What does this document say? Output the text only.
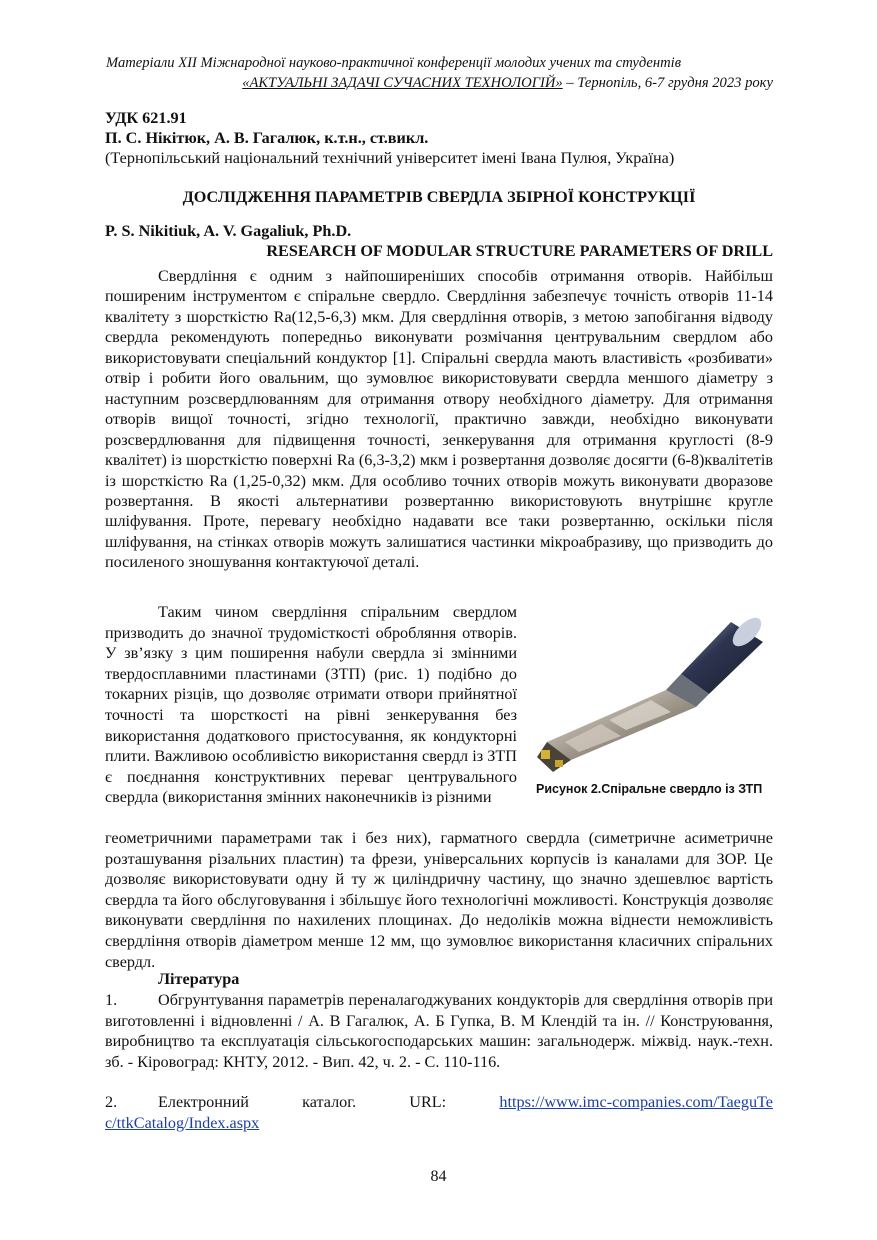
Матеріали XII Міжнародної науково-практичної конференції молодих учених та студентів
«АКТУАЛЬНІ ЗАДАЧІ СУЧАСНИХ ТЕХНОЛОГІЙ» – Тернопіль, 6-7 грудня 2023 року
УДК 621.91
П. С. Нікітюк, А. В. Гагалюк, к.т.н., ст.викл.
(Тернопільський національний технічний університет імені Івана Пулюя, Україна)
ДОСЛІДЖЕННЯ ПАРАМЕТРІВ СВЕРДЛА ЗБІРНОЇ КОНСТРУКЦІЇ
P. S. Nikitiuk, A. V. Gagaliuk, Ph.D.
RESEARCH OF MODULAR STRUCTURE PARAMETERS OF DRILL

Свердління є одним з найпоширеніших способів отримання отворів. Найбільш поширеним інструментом є спіральне свердло. Свердління забезпечує точність отворів 11-14 квалітету з шорсткістю Ra(12,5-6,3) мкм. Для свердління отворів, з метою запобігання відводу свердла рекомендують попередньо виконувати розмічання центрувальним свердлом або використовувати спеціальний кондуктор [1]. Спіральні свердла мають властивість «розбивати» отвір і робити його овальним, що зумовлює використовувати свердла меншого діаметру з наступним розсвердлюванням для отримання отвору необхідного діаметру. Для отримання отворів вищої точності, згідно технології, практично завжди, необхідно виконувати розсвердлювання для підвищення точності, зенкерування для отримання круглості (8-9 квалітет) із шорсткістю поверхні Ra (6,3-3,2) мкм і розвертання дозволяє досягти (6-8)квалітетів із шорсткістю Ra (1,25-0,32) мкм. Для особливо точних отворів можуть виконувати дворазове розвертання. В якості альтернативи розвертанню використовують внутрішнє кругле шліфування. Проте, перевагу необхідно надавати все таки розвертанню, оскільки після шліфування, на стінках отворів можуть залишатися частинки мікроабразиву, що призводить до посиленого зношування контактуючої деталі.

Таким чином свердління спіральним свердлом призводить до значної трудомісткості обробляння отворів. У зв’язку з цим поширення набули свердла зі змінними твердосплавними пластинами (ЗТП) (рис. 1) подібно до токарних різців, що дозволяє отримати отвори прийнятної точності та шорсткості на рівні зенкерування без використання додаткового пристосування, як кондукторні плити. Важливою особливістю використання свердл із ЗТП є поєднання конструктивних переваг центрувального свердла (використання змінних наконечників із різними	Рисунок 2.Спіральне свердло із ЗТП
геометричними параметрами так і без них), гарматного свердла (симетричне асиметричне розташування різальних пластин) та фрези, універсальних корпусів із каналами для ЗОР. Це дозволяє використовувати одну й ту ж циліндричну частину, що значно здешевлює вартість свердла та його обслуговування і збільшує його технологічні можливості. Конструкція дозволяє виконувати свердління по нахилених площинах. До недоліків можна віднести неможливість свердління отворів діаметром менше 12 мм, що зумовлює використання класичних спіральних свердл.
Література
1.	Обгрунтування параметрів переналагоджуваних кондукторів для свердління отворів при виготовленні і відновленні / А. В Гагалюк, А. Б Гупка, В. М Клендій та ін. // Конструювання, виробництво та експлуатація сільськогосподарських машин: загальнодерж. міжвід. наук.-техн. зб. - Кіровоград: КНТУ, 2012. - Вип. 42, ч. 2. - С. 110-116.
2.	Електронний каталог. URL: https://www.imc-companies.com/TaeguTec/ttkCatalog/Index.aspx
84
